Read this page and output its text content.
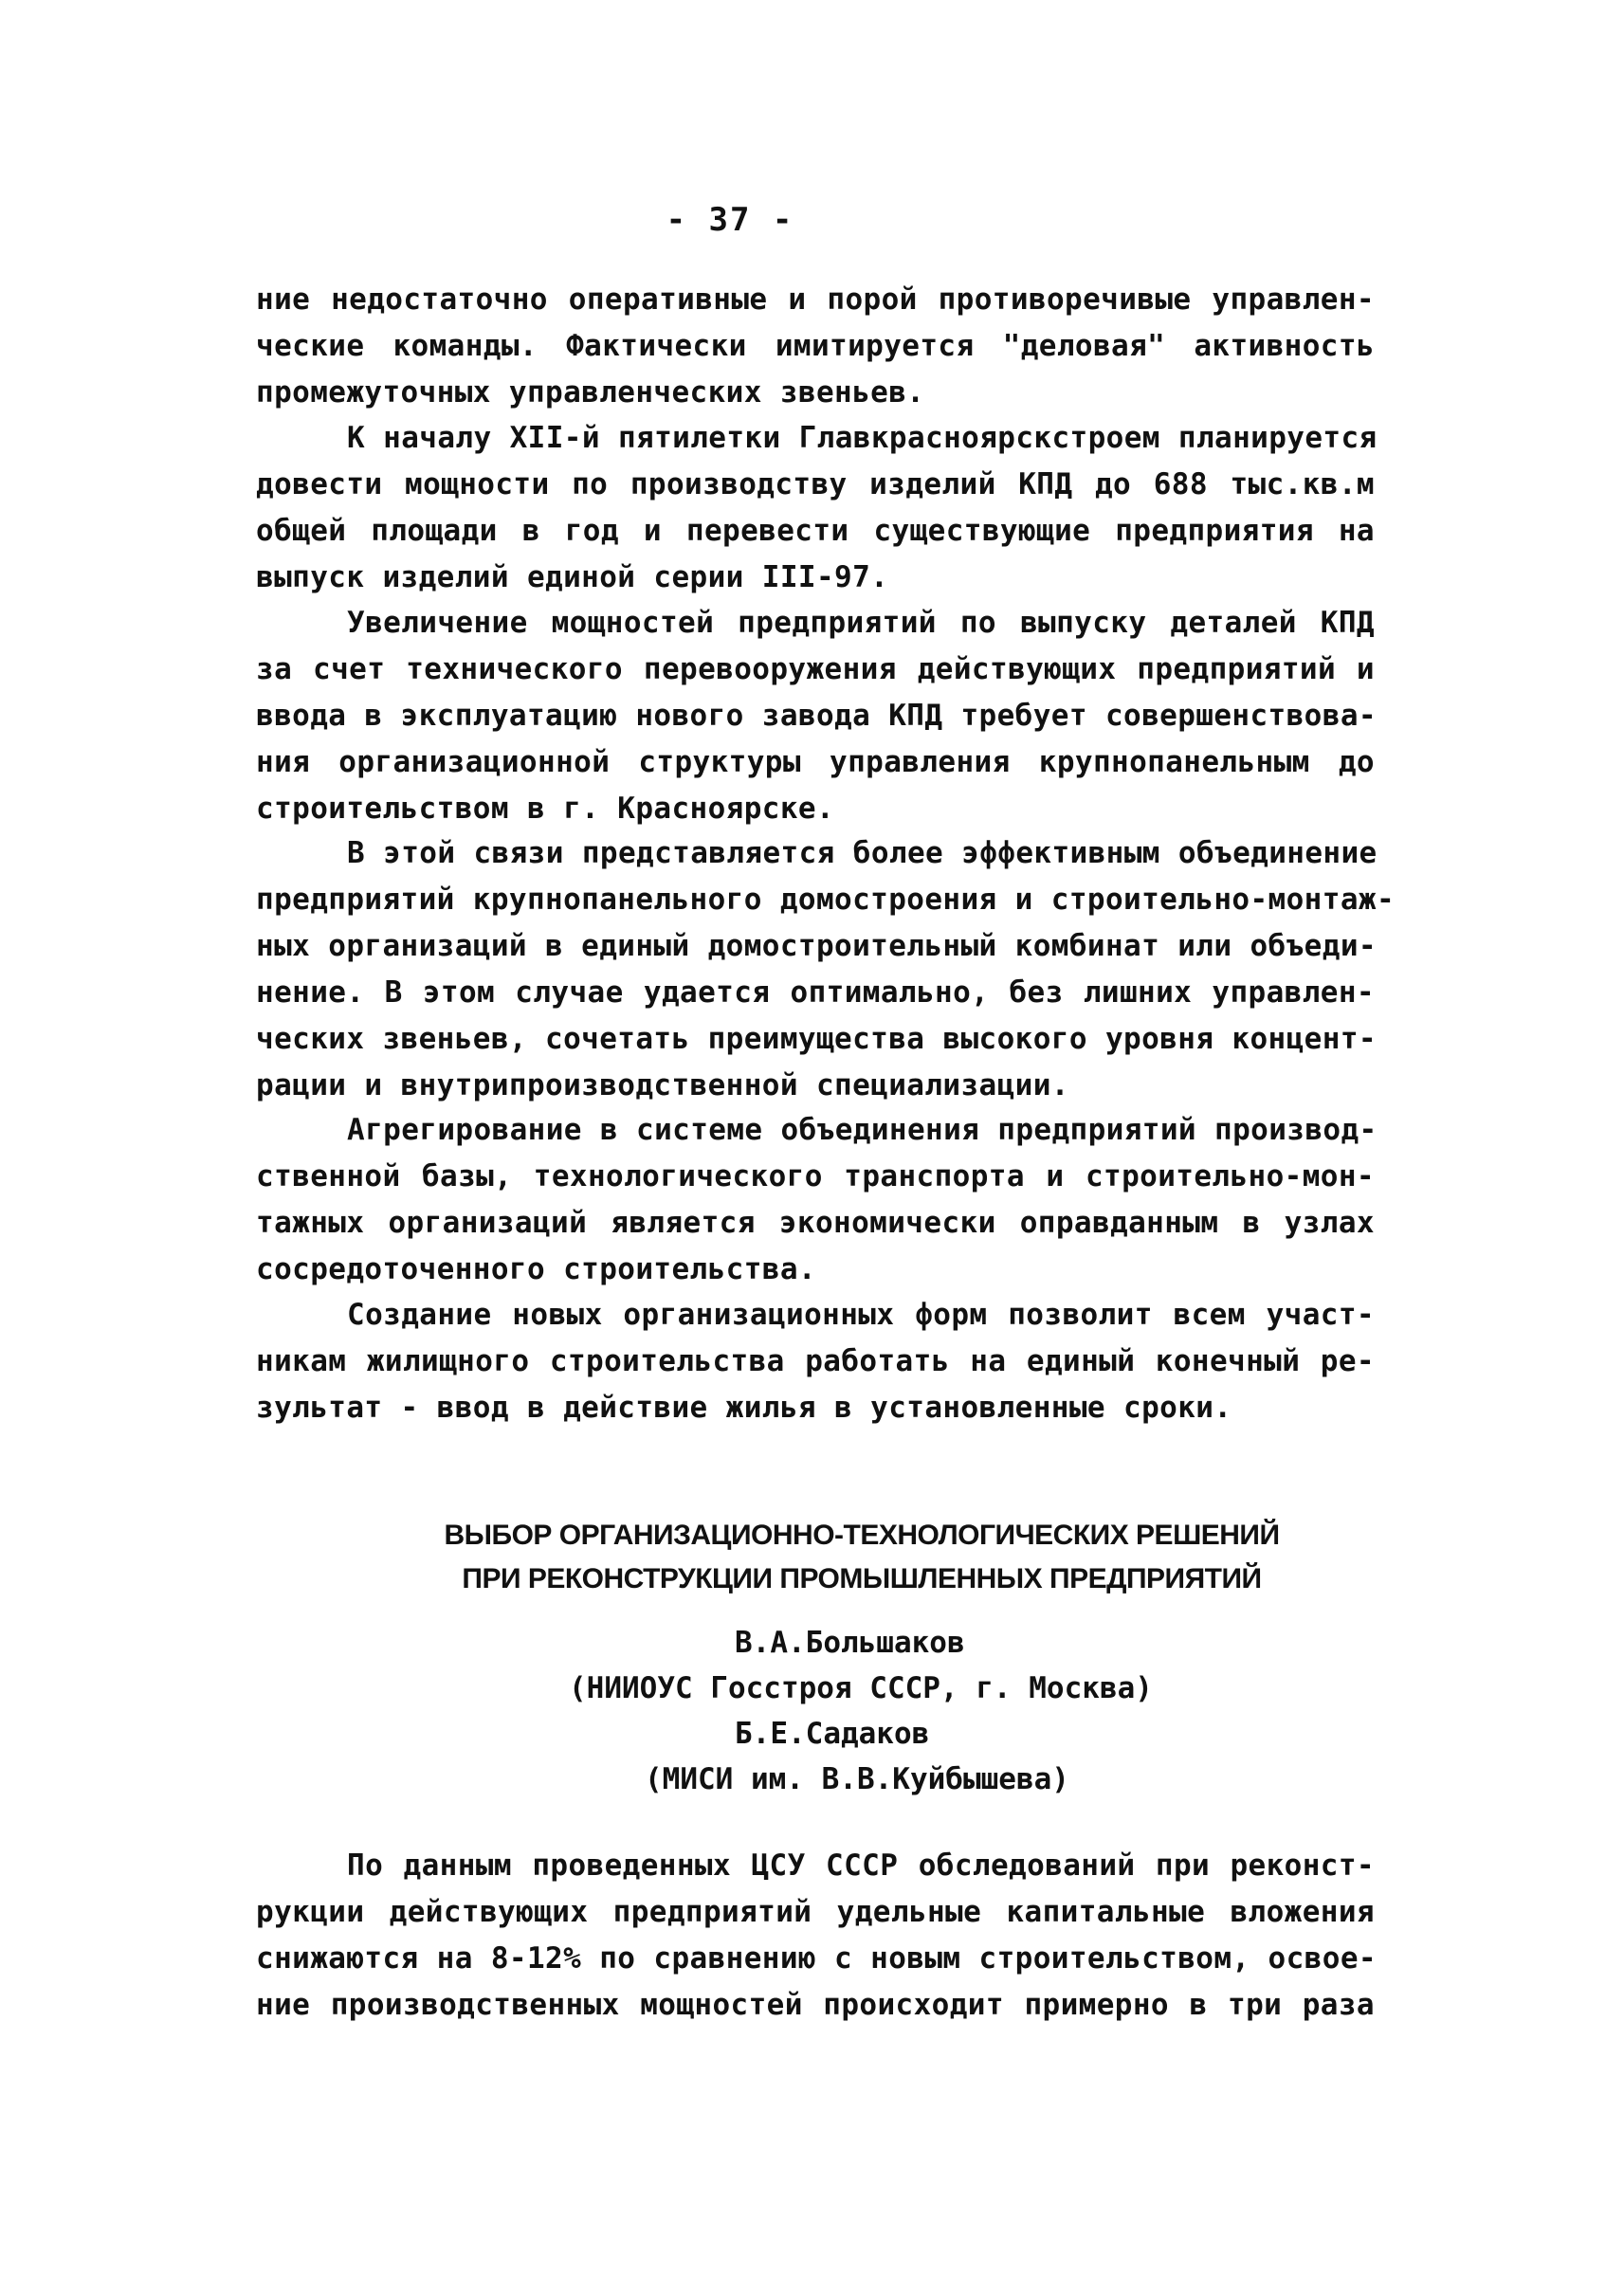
- 37 -
ние недостаточно оперативные и порой противоречивые управлен-
ческие команды. Фактически имитируется "деловая" активность
промежуточных управленческих звеньев.
К началу XII-й пятилетки Главкрасноярскстроем планируется
довести мощности по производству изделий КПД до 688 тыс.кв.м
общей площади в год и перевести существующие предприятия на
выпуск изделий единой серии III-97.
Увеличение мощностей предприятий по выпуску деталей КПД
за счет технического перевооружения действующих предприятий и
ввода в эксплуатацию нового завода КПД требует совершенствова-
ния организационной структуры управления крупнопанельным до
строительством в г. Красноярске.
В этой связи представляется более эффективным объединение
предприятий крупнопанельного домостроения и строительно-монтаж-
ных организаций в единый домостроительный комбинат или объеди-
нение. В этом случае удается оптимально, без лишних управлен-
ческих звеньев, сочетать преимущества высокого уровня концент-
рации и внутрипроизводственной специализации.
Агрегирование в системе объединения предприятий производ-
ственной базы, технологического транспорта и строительно-мон-
тажных организаций является экономически оправданным в узлах
сосредоточенного строительства.
Создание новых организационных форм позволит всем участ-
никам жилищного строительства работать на единый конечный ре-
зультат - ввод в действие жилья в установленные сроки.
ВЫБОР ОРГАНИЗАЦИОННО-ТЕХНОЛОГИЧЕСКИХ РЕШЕНИЙ
ПРИ РЕКОНСТРУКЦИИ ПРОМЫШЛЕННЫХ ПРЕДПРИЯТИЙ
В.А.Большаков
(НИИОУС Госстроя СССР, г. Москва)
Б.Е.Садаков
(МИСИ им. В.В.Куйбышева)
По данным проведенных ЦСУ СССР обследований при реконст-
рукции действующих предприятий удельные капитальные вложения
снижаются на 8-12% по сравнению с новым строительством, освое-
ние производственных мощностей происходит примерно в три раза
